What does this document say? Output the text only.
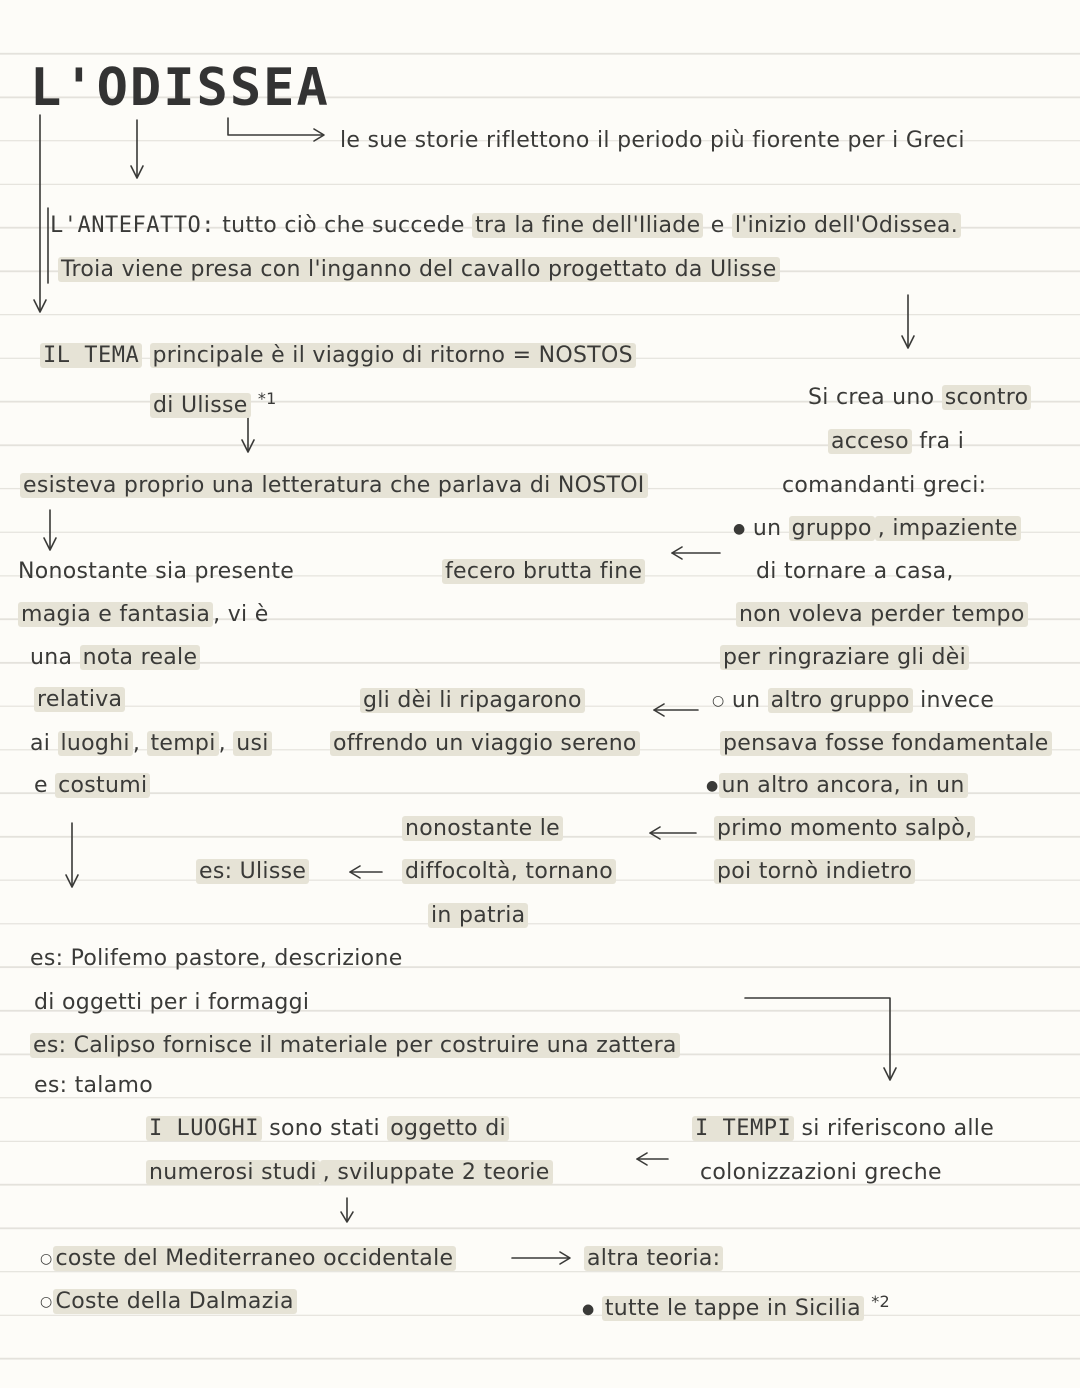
L'ODISSEA
le sue storie riflettono il periodo più fiorente per i Greci
L'ANTEFATTO: tutto ciò che succede tra la fine dell'Iliade e l'inizio dell'Odissea.
Troia viene presa con l'inganno del cavallo progettato da Ulisse
IL TEMA principale è il viaggio di ritorno = NOSTOS
di Ulisse $^{*1}$
esisteva proprio una letteratura che parlava di NOSTOI
Nonostante sia presente
magia e fantasia , vi è
una nota reale
relativa
ai luoghi , tempi , usi
e costumi
Si crea uno scontro
acceso fra i
comandanti greci:
● un gruppo , impaziente
di tornare a casa,
non voleva perder tempo
per ringraziare gli dèi
○ un altro gruppo invece
pensava fosse fondamentale
● un altro ancora, in un
primo momento salpò,
poi tornò indietro
fecero brutta fine
gli dèi li ripagarono
offrendo un viaggio sereno
nonostante le
diffocoltà, tornano
in patria
es: Ulisse
es: Polifemo pastore, descrizione
di oggetti per i formaggi
es: Calipso fornisce il materiale per costruire una zattera
es: talamo
I LUOGHI sono stati oggetto di
numerosi studi , sviluppate 2 teorie
○ coste del Mediterraneo occidentale
○ Coste della Dalmazia
altra teoria:
● tutte le tappe in Sicilia $^{*2}$
I TEMPI si riferiscono alle
colonizzazioni greche
